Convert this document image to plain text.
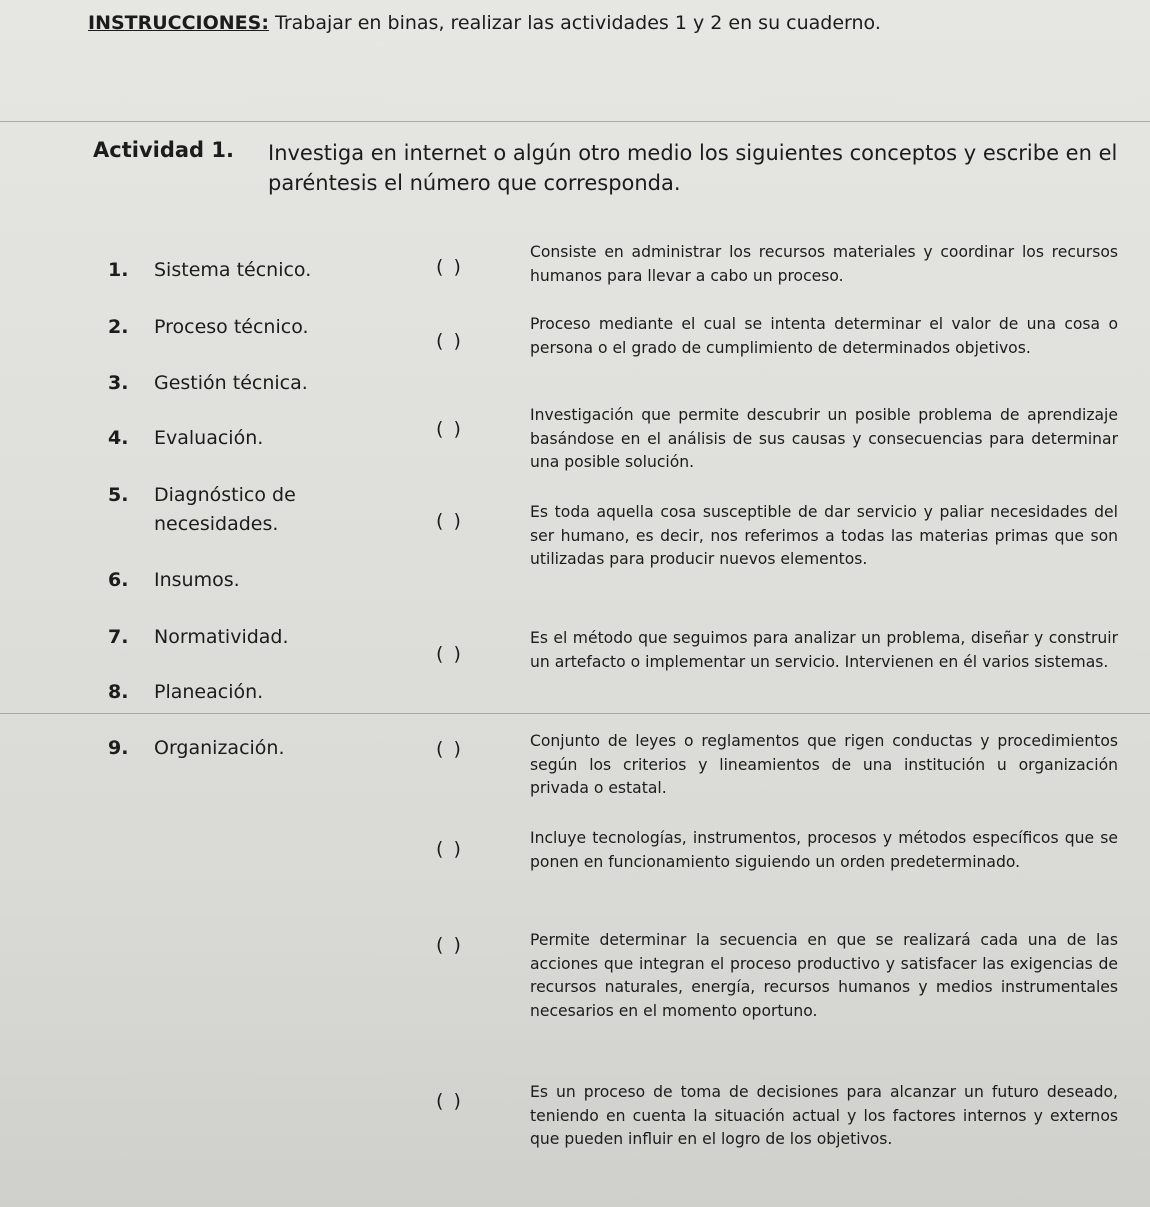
INSTRUCCIONES: Trabajar en binas, realizar las actividades 1 y 2 en su cuaderno.
Actividad 1. Investiga en internet o algún otro medio los siguientes conceptos y escribe en el paréntesis el número que corresponda.
1. Sistema técnico.
2. Proceso técnico.
3. Gestión técnica.
4. Evaluación.
5. Diagnóstico de necesidades.
6. Insumos.
7. Normatividad.
8. Planeación.
9. Organización.
( )
( )
( )
( )
( )
( )
( )
( )
( )
Consiste en administrar los recursos materiales y coordinar los recursos humanos para llevar a cabo un proceso.
Proceso mediante el cual se intenta determinar el valor de una cosa o persona o el grado de cumplimiento de determinados objetivos.
Investigación que permite descubrir un posible problema de aprendizaje basándose en el análisis de sus causas y consecuencias para determinar una posible solución.
Es toda aquella cosa susceptible de dar servicio y paliar necesidades del ser humano, es decir, nos referimos a todas las materias primas que son utilizadas para producir nuevos elementos.
Es el método que seguimos para analizar un problema, diseñar y construir un artefacto o implementar un servicio. Intervienen en él varios sistemas.
Conjunto de leyes o reglamentos que rigen conductas y procedimientos según los criterios y lineamientos de una institución u organización privada o estatal.
Incluye tecnologías, instrumentos, procesos y métodos específicos que se ponen en funcionamiento siguiendo un orden predeterminado.
Permite determinar la secuencia en que se realizará cada una de las acciones que integran el proceso productivo y satisfacer las exigencias de recursos naturales, energía, recursos humanos y medios instrumentales necesarios en el momento oportuno.
Es un proceso de toma de decisiones para alcanzar un futuro deseado, teniendo en cuenta la situación actual y los factores internos y externos que pueden influir en el logro de los objetivos.
